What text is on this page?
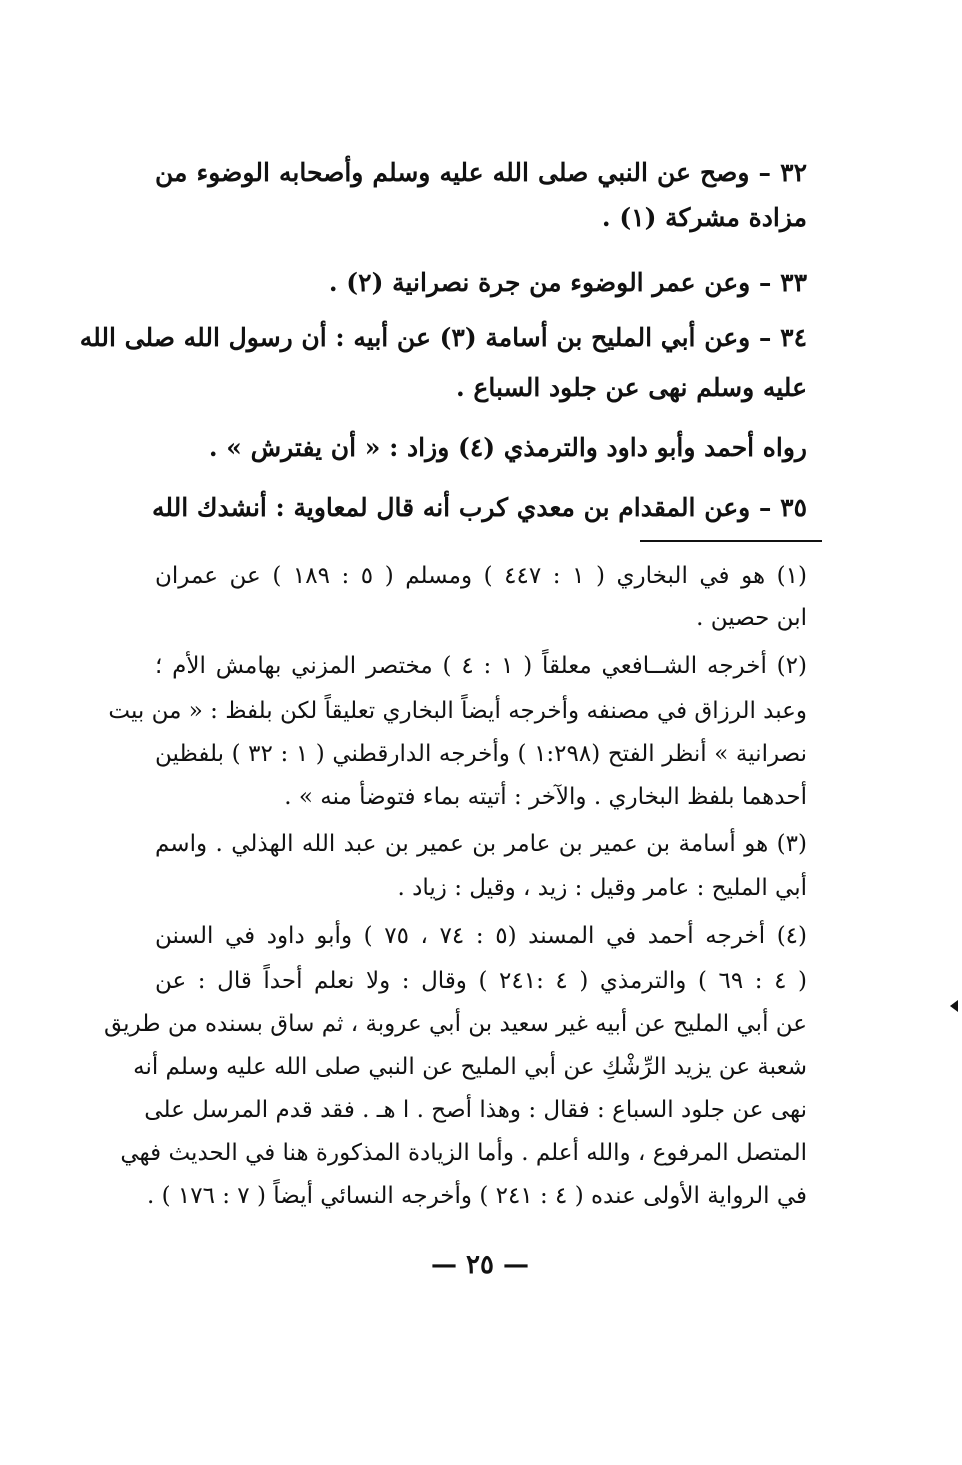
٣٢ – وصح عن النبي صلى الله عليه وسلم وأصحابه الوضوء من
مزادة مشركة (١) .
٣٣ – وعن عمر الوضوء من جرة نصرانية (٢) .
٣٤ – وعن أبي المليح بن أسامة (٣) عن أبيه : أن رسول الله صلى الله
عليه وسلم نهى عن جلود السباع .
رواه أحمد وأبو داود والترمذي (٤) وزاد : « أن يفترش » .
٣٥ – وعن المقدام بن معدي كرب أنه قال لمعاوية : أنشدك الله
(١) هو في البخاري ( ١ : ٤٤٧ ) ومسلم ( ٥ : ١٨٩ ) عن عمران
ابن حصين .
(٢) أخرجه الشــافعي معلقاً ( ١ : ٤ ) مختصر المزني بهامش الأم ؛
وعبد الرزاق في مصنفه وأخرجه أيضاً البخاري تعليقاً لكن بلفظ : « من بيت
نصرانية » أنظر الفتح (١:٢٩٨ ) وأخرجه الدارقطني ( ١ : ٣٢ ) بلفظين
أحدهما بلفظ البخاري . والآخر : أتيته بماء فتوضأ منه » .
(٣) هو أسامة بن عمير بن عامر بن عمير بن عبد الله الهذلي . واسم
أبي المليح : عامر وقيل : زيد ، وقيل : زياد .
(٤) أخرجه أحمد في المسند (٥ : ٧٤ ، ٧٥ ) وأبو داود في السنن
( ٤ : ٦٩ ) والترمذي ( ٤ :٢٤١ ) وقال : ولا نعلم أحداً قال : عن
عن أبي المليح عن أبيه غير سعيد بن أبي عروبة ، ثم ساق بسنده من طريق
شعبة عن يزيد الرِّشْكِ عن أبي المليح عن النبي صلى الله عليه وسلم أنه
نهى عن جلود السباع : فقال : وهذا أصح . ا هـ . فقد قدم المرسل على
المتصل المرفوع ، والله أعلم . وأما الزيادة المذكورة هنا في الحديث فهي
في الرواية الأولى عنده ( ٤ : ٢٤١ ) وأخرجه النسائي أيضاً ( ٧ : ١٧٦ ) .
— ٢٥ —
